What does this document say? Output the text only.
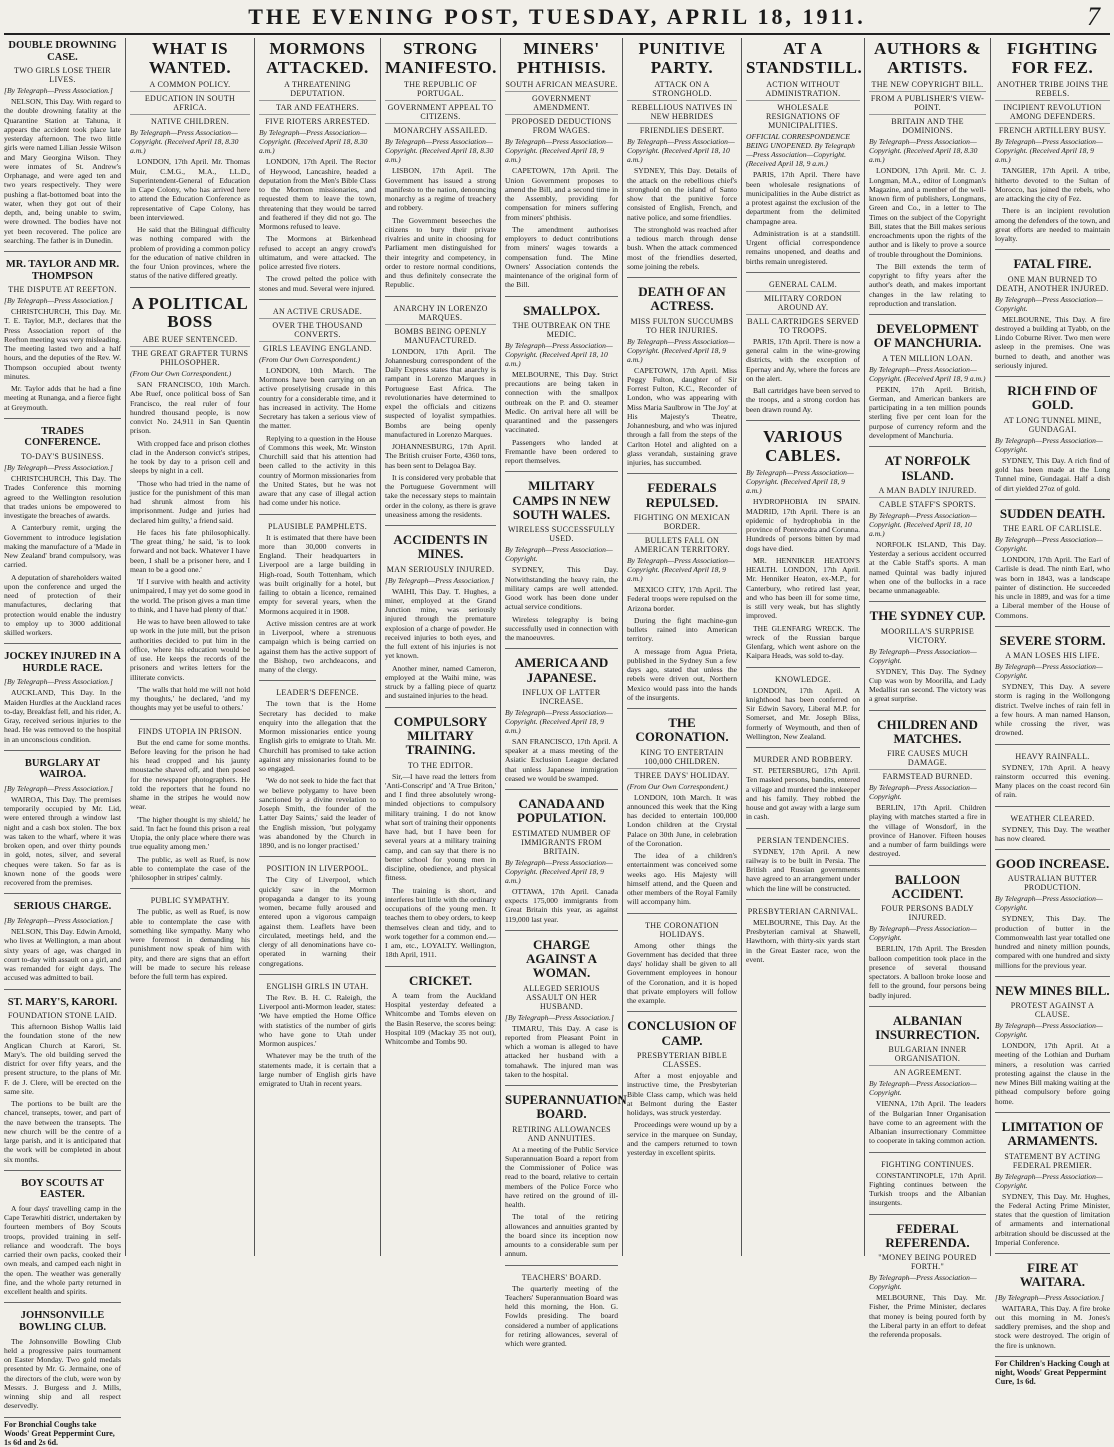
THE EVENING POST, TUESDAY, APRIL 18, 1911.	7
DOUBLE DROWNING CASE.
TWO GIRLS LOSE THEIR LIVES.
[By Telegraph—Press Association.]

NELSON, This Day. With regard to the double drowning fatality at the Quarantine Station at Tahuna, it appears the accident took place late yesterday afternoon. The two little girls were named Lilian Jessie Wilson and Mary Georgina Wilson. They were inmates of St. Andrew's Orphanage, and were aged ten and two years respectively. They were pushing a flat-bottomed boat into the water, when they got out of their depth, and, being unable to swim, were drowned. The bodies have not yet been recovered. The police are searching. The father is in Dunedin.

MR. TAYLOR AND MR. THOMPSON
THE DISPUTE AT REEFTON.
[By Telegraph—Press Association.]

CHRISTCHURCH, This Day. Mr. T. E. Taylor, M.P., declares that the Press Association report of the Reefton meeting was very misleading. The meeting lasted two and a half hours, and the deputies of the Rev. W. Thompson occupied about twenty minutes.

Mr. Taylor adds that he had a fine meeting at Runanga, and a fierce fight at Greymouth.

TRADES CONFERENCE.
TO-DAY'S BUSINESS.
[By Telegraph—Press Association.]

CHRISTCHURCH, This Day. The Trades Conference this morning agreed to the Wellington resolution that trades unions be empowered to investigate the breaches of awards.

A Canterbury remit, urging the Government to introduce legislation making the manufacture of a 'Made in New Zealand' brand compulsory, was carried.

A deputation of shareholders waited upon the conference and urged the need of protection of their manufactures, declaring that protection would enable the industry to employ up to 3000 additional skilled workers.

JOCKEY INJURED IN A HURDLE RACE.
[By Telegraph—Press Association.]

AUCKLAND, This Day. In the Maiden Hurdles at the Auckland races to-day, Breakfast fell, and his rider, A. Gray, received serious injuries to the head. He was removed to the hospital in an unconscious condition.

BURGLARY AT WAIROA.
[By Telegraph—Press Association.]

WAIROA, This Day. The premises temporarily occupied by Mr. Lid, were entered through a window last night and a cash box stolen. The box was taken to the wharf, where it was broken open, and over thirty pounds in gold, notes, silver, and several cheques were taken. So far as is known none of the goods were recovered from the premises.

SERIOUS CHARGE.
[By Telegraph—Press Association.]

NELSON, This Day. Edwin Arnold, who lives at Wellington, a man about sixty years of age, was charged in court to-day with assault on a girl, and was remanded for eight days. The accused was admitted to bail.

ST. MARY'S, KARORI.
FOUNDATION STONE LAID.

This afternoon Bishop Wallis laid the foundation stone of the new Anglican Church at Karori, St. Mary's. The old building served the district for over fifty years, and the present structure, to the plans of Mr. F. de J. Clere, will be erected on the same site.

The portions to be built are the chancel, transepts, tower, and part of the nave between the transepts. The new church will be the centre of a large parish, and it is anticipated that the work will be completed in about six months.

BOY SCOUTS AT EASTER.

A four days' travelling camp in the Cape Terawhiti district, undertaken by fourteen members of Boy Scouts troops, provided training in self-reliance and woodcraft. The boys carried their own packs, cooked their own meals, and camped each night in the open. The weather was generally fine, and the whole party returned in excellent health and spirits.

JOHNSONVILLE BOWLING CLUB.

The Johnsonville Bowling Club held a progressive pairs tournament on Easter Monday. Two gold medals presented by Mr. G. Jermaine, one of the directors of the club, were won by Messrs. J. Burgess and J. Mills, winning ship and all respect deservedly.

For Bronchial Coughs take Woods' Great Peppermint Cure, 1s 6d and 2s 6d.
WHAT IS WANTED.
A COMMON POLICY.
EDUCATION IN SOUTH AFRICA.
NATIVE CHILDREN.
By Telegraph—Press Association—Copyright. (Received April 18, 8.30 a.m.)

LONDON, 17th April. Mr. Thomas Muir, C.M.G., M.A., LL.D., Superintendent-General of Education in Cape Colony, who has arrived here to attend the Education Conference as representative of Cape Colony, has been interviewed.

He said that the Bilingual difficulty was nothing compared with the problem of providing a common policy for the education of native children in the four Union provinces, where the status of the native differed greatly.

A POLITICAL BOSS
ABE RUEF SENTENCED.
THE GREAT GRAFTER TURNS PHILOSOPHER.
(From Our Own Correspondent.)

SAN FRANCISCO, 10th March. Abe Ruef, once political boss of San Francisco, the real ruler of four hundred thousand people, is now convict No. 24,911 in San Quentin prison.

With cropped face and prison clothes clad in the Anderson convict's stripes, he took by day to a prison cell and sleeps by night in a cell.

'Those who had tried in the name of justice for the punishment of this man had shrunk almost from his imprisonment. Judge and juries had declared him guilty,' a friend said.

He faces his fate philosophically. 'The great thing,' he said, 'is to look forward and not back. Whatever I have been, I shall be a prisoner here, and I mean to be a good one.'

'If I survive with health and activity unimpaired, I may yet do some good in the world. The prison gives a man time to think, and I have had plenty of that.'

He was to have been allowed to take up work in the jute mill, but the prison authorities decided to put him in the office, where his education would be of use. He keeps the records of the prisoners and writes letters for the illiterate convicts.

'The walls that hold me will not hold my thoughts,' he declared, 'and my thoughts may yet be useful to others.'

FINDS UTOPIA IN PRISON.

But the end came for some months. Before leaving for the prison he had his head cropped and his jaunty moustache shaved off, and then posed for the newspaper photographers. He told the reporters that he found no shame in the stripes he would now wear.

'The higher thought is my shield,' he said. 'In fact he found this prison a real Utopia, the only place where there was true equality among men.'

The public, as well as Ruef, is now able to contemplate the case of the 'philosopher in stripes' calmly.

PUBLIC SYMPATHY.

The public, as well as Ruef, is now able to contemplate the case with something like sympathy. Many who were foremost in demanding his punishment now speak of him with pity, and there are signs that an effort will be made to secure his release before the full term has expired.

MORMONS ATTACKED.
A THREATENING DEPUTATION.
TAR AND FEATHERS.
FIVE RIOTERS ARRESTED.
By Telegraph—Press Association—Copyright. (Received April 18, 8.30 a.m.)

LONDON, 17th April. The Rector of Heywood, Lancashire, headed a deputation from the Men's Bible Class to the Mormon missionaries, and requested them to leave the town, threatening that they would be tarred and feathered if they did not go. The Mormons refused to leave.

The Mormons at Birkenhead refused to accept an angry crowd's ultimatum, and were attacked. The police arrested five rioters.

The crowd pelted the police with stones and mud. Several were injured.

AN ACTIVE CRUSADE.
OVER THE THOUSAND CONVERTS.
GIRLS LEAVING ENGLAND.
(From Our Own Correspondent.)

LONDON, 10th March. The Mormons have been carrying on an active proselytising crusade in this country for a considerable time, and it has increased in activity. The Home Secretary has taken a serious view of the matter.

Replying to a question in the House of Commons this week, Mr. Winston Churchill said that his attention had been called to the activity in this country of Mormon missionaries from the United States, but he was not aware that any case of illegal action had come under his notice.

PLAUSIBLE PAMPHLETS.

It is estimated that there have been more than 30,000 converts in England. Their headquarters in Liverpool are a large building in High-road, South Tottenham, which was built originally for a hotel, but failing to obtain a licence, remained empty for several years, when the Mormons acquired it in 1908.

Active mission centres are at work in Liverpool, where a strenuous campaign which is being carried on against them has the active support of the Bishop, two archdeacons, and many of the clergy.

LEADER'S DEFENCE.

The town that is the Home Secretary has decided to make enquiry into the allegation that the Mormon missionaries entice young English girls to emigrate to Utah. Mr. Churchill has promised to take action against any missionaries found to be so engaged.

'We do not seek to hide the fact that we believe polygamy to have been sanctioned by a divine revelation to Joseph Smith, the founder of the Latter Day Saints,' said the leader of the English mission, 'but polygamy was abandoned by the Church in 1890, and is no longer practised.'

POSITION IN LIVERPOOL.

The City of Liverpool, which quickly saw in the Mormon propaganda a danger to its young women, became fully aroused and entered upon a vigorous campaign against them. Leaflets have been circulated, meetings held, and the clergy of all denominations have co-operated in warning their congregations.

ENGLISH GIRLS IN UTAH.

The Rev. B. H. C. Raleigh, the Liverpool anti-Mormon leader, states: 'We have emptied the Home Office with statistics of the number of girls who have gone to Utah under Mormon auspices.'

Whatever may be the truth of the statements made, it is certain that a large number of English girls have emigrated to Utah in recent years.

STRONG MANIFESTO.
THE REPUBLIC OF PORTUGAL.
GOVERNMENT APPEAL TO CITIZENS.
MONARCHY ASSAILED.
By Telegraph—Press Association—Copyright. (Received April 18, 8.30 a.m.)

LISBON, 17th April. The Government has issued a strong manifesto to the nation, denouncing monarchy as a regime of treachery and robbery.

The Government beseeches the citizens to bury their private rivalries and unite in choosing for Parliament men distinguished for their integrity and competency, in order to restore normal conditions, and thus definitely consecrate the Republic.

ANARCHY IN LORENZO MARQUES.
BOMBS BEING OPENLY MANUFACTURED.

LONDON, 17th April. The Johannesburg correspondent of the Daily Express states that anarchy is rampant in Lorenzo Marques in Portuguese East Africa. The revolutionaries have determined to expel the officials and citizens suspected of loyalist sympathies. Bombs are being openly manufactured in Lorenzo Marques.

JOHANNESBURG, 17th April. The British cruiser Forte, 4360 tons, has been sent to Delagoa Bay.

It is considered very probable that the Portuguese Government will take the necessary steps to maintain order in the colony, as there is grave uneasiness among the residents.

ACCIDENTS IN MINES.
MAN SERIOUSLY INJURED.
[By Telegraph—Press Association.]

WAIHI, This Day. T. Hughes, a miner, employed at the Grand Junction mine, was seriously injured through the premature explosion of a charge of powder. He received injuries to both eyes, and the full extent of his injuries is not yet known.

Another miner, named Cameron, employed at the Waihi mine, was struck by a falling piece of quartz and sustained injuries to the head.

COMPULSORY MILITARY TRAINING.
TO THE EDITOR.

Sir,—I have read the letters from 'Anti-Conscript' and 'A True Briton,' and I find three absolutely wrong-minded objections to compulsory military training. I do not know what sort of training their opponents have had, but I have been for several years at a military training camp, and can say that there is no better school for young men in discipline, obedience, and physical fitness.

The training is short, and interferes but little with the ordinary occupations of the young men. It teaches them to obey orders, to keep themselves clean and tidy, and to work together for a common end.—I am, etc., LOYALTY. Wellington, 18th April, 1911.

CRICKET.

A team from the Auckland Hospital yesterday defeated a Whitcombe and Tombs eleven on the Basin Reserve, the scores being: Hospital 109 (Mackay 35 not out), Whitcombe and Tombs 90.

MINERS' PHTHISIS.
SOUTH AFRICAN MEASURE.
GOVERNMENT AMENDMENT.
PROPOSED DEDUCTIONS FROM WAGES.
By Telegraph—Press Association—Copyright. (Received April 18, 9 a.m.)

CAPETOWN, 17th April. The Union Government proposes to amend the Bill, and a second time in the Assembly, providing for compensation for miners suffering from miners' phthisis.

The amendment authorises employers to deduct contributions from miners' wages towards a compensation fund. The Mine Owners' Association contends the maintenance of the original form of the Bill.

SMALLPOX.
THE OUTBREAK ON THE MEDIC.
By Telegraph—Press Association—Copyright. (Received April 18, 10 a.m.)

MELBOURNE, This Day. Strict precautions are being taken in connection with the smallpox outbreak on the P. and O. steamer Medic. On arrival here all will be quarantined and the passengers vaccinated.

Passengers who landed at Fremantle have been ordered to report themselves.

MILITARY CAMPS IN NEW SOUTH WALES.
WIRELESS SUCCESSFULLY USED.
By Telegraph—Press Association—Copyright.

SYDNEY, This Day. Notwithstanding the heavy rain, the military camps are well attended. Good work has been done under actual service conditions.

Wireless telegraphy is being successfully used in connection with the manoeuvres.

AMERICA AND JAPANESE.
INFLUX OF LATTER INCREASE.
By Telegraph—Press Association—Copyright. (Received April 18, 9 a.m.)

SAN FRANCISCO, 17th April. A speaker at a mass meeting of the Asiatic Exclusion League declared that unless Japanese immigration ceased we would be swamped.

CANADA AND POPULATION.
ESTIMATED NUMBER OF IMMIGRANTS FROM BRITAIN.
By Telegraph—Press Association—Copyright. (Received April 18, 9 a.m.)

OTTAWA, 17th April. Canada expects 175,000 immigrants from Great Britain this year, as against 119,000 last year.

CHARGE AGAINST A WOMAN.
ALLEGED SERIOUS ASSAULT ON HER HUSBAND.
[By Telegraph—Press Association.]

TIMARU, This Day. A case is reported from Pleasant Point in which a woman is alleged to have attacked her husband with a tomahawk. The injured man was taken to the hospital.

SUPERANNUATION BOARD.
RETIRING ALLOWANCES AND ANNUITIES.

At a meeting of the Public Service Superannuation Board a report from the Commissioner of Police was read to the board, relative to certain members of the Police Force who have retired on the ground of ill-health.

The total of the retiring allowances and annuities granted by the board since its inception now amounts to a considerable sum per annum.

TEACHERS' BOARD.

The quarterly meeting of the Teachers' Superannuation Board was held this morning, the Hon. G. Fowlds presiding. The board considered a number of applications for retiring allowances, several of which were granted.

PUNITIVE PARTY.
ATTACK ON A STRONGHOLD.
REBELLIOUS NATIVES IN NEW HEBRIDES
FRIENDLIES DESERT.
By Telegraph—Press Association—Copyright. (Received April 18, 10 a.m.)

SYDNEY, This Day. Details of the attack on the rebellious chief's stronghold on the island of Santo show that the punitive force consisted of English, French, and native police, and some friendlies.

The stronghold was reached after a tedious march through dense bush. When the attack commenced most of the friendlies deserted, some joining the rebels.

DEATH OF AN ACTRESS.
MISS FULTON SUCCUMBS TO HER INJURIES.
By Telegraph—Press Association—Copyright. (Received April 18, 9 a.m.)

CAPETOWN, 17th April. Miss Peggy Fulton, daughter of Sir Forrest Fulton, K.C., Recorder of London, who was appearing with Miss Maria Saulbrow in 'The Joy' at His Majesty's Theatre, Johannesburg, and who was injured through a fall from the steps of the Carlton Hotel and alighted on a glass verandah, sustaining grave injuries, has succumbed.

FEDERALS REPULSED.
FIGHTING ON MEXICAN BORDER.
BULLETS FALL ON AMERICAN TERRITORY.
By Telegraph—Press Association—Copyright. (Received April 18, 9 a.m.)

MEXICO CITY, 17th April. The Federal troops were repulsed on the Arizona border.

During the fight machine-gun bullets rained into American territory.

A message from Agua Prieta, published in the Sydney Sun a few days ago, stated that unless the rebels were driven out, Northern Mexico would pass into the hands of the insurgents.

THE CORONATION.
KING TO ENTERTAIN 100,000 CHILDREN.
THREE DAYS' HOLIDAY.
(From Our Own Correspondent.)

LONDON, 10th March. It was announced this week that the King has decided to entertain 100,000 London children at the Crystal Palace on 30th June, in celebration of the Coronation.

The idea of a children's entertainment was conceived some weeks ago. His Majesty will himself attend, and the Queen and other members of the Royal Family will accompany him.

THE CORONATION HOLIDAYS.

Among other things the Government has decided that three days' holiday shall be given to all Government employees in honour of the Coronation, and it is hoped that private employers will follow the example.

CONCLUSION OF CAMP.
PRESBYTERIAN BIBLE CLASSES.

After a most enjoyable and instructive time, the Presbyterian Bible Class camp, which was held at Belmont during the Easter holidays, was struck yesterday.

Proceedings were wound up by a service in the marquee on Sunday, and the campers returned to town yesterday in excellent spirits.

AT A STANDSTILL.
ACTION WITHOUT ADMINISTRATION.
WHOLESALE RESIGNATIONS OF MUNICIPALITIES.
OFFICIAL CORRESPONDENCE BEING UNOPENED. By Telegraph—Press Association—Copyright. (Received April 18, 9 a.m.)

PARIS, 17th April. There have been wholesale resignations of municipalities in the Aube district as a protest against the exclusion of the department from the delimited champagne area.

Administration is at a standstill. Urgent official correspondence remains unopened, and deaths and births remain unregistered.

GENERAL CALM.
MILITARY CORDON AROUND AY.
BALL CARTRIDGES SERVED TO TROOPS.

PARIS, 17th April. There is now a general calm in the wine-growing districts, with the exception of Epernay and Ay, where the forces are on the alert.

Ball cartridges have been served to the troops, and a strong cordon has been drawn round Ay.

VARIOUS CABLES.
By Telegraph—Press Association—Copyright. (Received April 18, 9 a.m.)

HYDROPHOBIA IN SPAIN. MADRID, 17th April. There is an epidemic of hydrophobia in the province of Pontevedra and Corunna. Hundreds of persons bitten by mad dogs have died.

MR. HENNIKER HEATON'S HEALTH. LONDON, 17th April. Mr. Henniker Heaton, ex-M.P., for Canterbury, who retired last year, and who has been ill for some time, is still very weak, but has slightly improved.

THE GLENFARG WRECK. The wreck of the Russian barque Glenfarg, which went ashore on the Kaipara Heads, was sold to-day.

KNOWLEDGE.

LONDON, 17th April. A knighthood has been conferred on Sir Edwin Savory, Liberal M.P. for Somerset, and Mr. Joseph Bliss, formerly of Weymouth, and then of Wellington, New Zealand.

MURDER AND ROBBERY.

ST. PETERSBURG, 17th April. Ten masked persons, bandits, entered a village and murdered the innkeeper and his family. They robbed the house and got away with a large sum in cash.

PERSIAN TENDENCIES.

SYDNEY, 17th April. A new railway is to be built in Persia. The British and Russian governments have agreed to an arrangement under which the line will be constructed.

PRESBYTERIAN CARNIVAL.

MELBOURNE, This Day. At the Presbyterian carnival at Shawell, Hawthorn, with thirty-six yards start in the Great Easter race, won the event.

AUTHORS & ARTISTS.
THE NEW COPYRIGHT BILL.
FROM A PUBLISHER'S VIEW-POINT.
BRITAIN AND THE DOMINIONS.
By Telegraph—Press Association—Copyright. (Received April 18, 8.30 a.m.)

LONDON, 17th April. Mr. C. J. Longman, M.A., editor of Longman's Magazine, and a member of the well-known firm of publishers, Longmans, Green and Co., in a letter to The Times on the subject of the Copyright Bill, states that the Bill makes serious encroachments upon the rights of the author and is likely to prove a source of trouble throughout the Dominions.

The Bill extends the term of copyright to fifty years after the author's death, and makes important changes in the law relating to reproduction and translation.

DEVELOPMENT OF MANCHURIA.
A TEN MILLION LOAN.
By Telegraph—Press Association—Copyright. (Received April 18, 9 a.m.)

PEKIN, 17th April. British, German, and American bankers are participating in a ten million pounds sterling five per cent loan for the purpose of currency reform and the development of Manchuria.

AT NORFOLK ISLAND.
A MAN BADLY INJURED.
CABLE STAFF'S SPORTS.
By Telegraph—Press Association—Copyright. (Received April 18, 10 a.m.)

NORFOLK ISLAND, This Day. Yesterday a serious accident occurred at the Cable Staff's sports. A man named Quintal was badly injured when one of the bullocks in a race became unmanageable.

THE SYDNEY CUP.
MOORILLA'S SURPRISE VICTORY.
By Telegraph—Press Association—Copyright.

SYDNEY, This Day. The Sydney Cup was won by Moorilla, and Lady Medallist ran second. The victory was a great surprise.

CHILDREN AND MATCHES.
FIRE CAUSES MUCH DAMAGE.
FARMSTEAD BURNED.
By Telegraph—Press Association—Copyright.

BERLIN, 17th April. Children playing with matches started a fire in the village of Wonsdorf, in the province of Hanover. Fifteen houses and a number of farm buildings were destroyed.

BALLOON ACCIDENT.
FOUR PERSONS BADLY INJURED.
By Telegraph—Press Association—Copyright.

BERLIN, 17th April. The Bresden balloon competition took place in the presence of several thousand spectators. A balloon broke loose and fell to the ground, four persons being badly injured.

ALBANIAN INSURRECTION.
BULGARIAN INNER ORGANISATION.
AN AGREEMENT.
By Telegraph—Press Association—Copyright.

VIENNA, 17th April. The leaders of the Bulgarian Inner Organisation have come to an agreement with the Albanian insurrectionary Committee to cooperate in taking common action.

FIGHTING CONTINUES.

CONSTANTINOPLE, 17th April. Fighting continues between the Turkish troops and the Albanian insurgents.

FEDERAL REFERENDA.
"MONEY BEING POURED FORTH."
By Telegraph—Press Association—Copyright.

MELBOURNE, This Day. Mr. Fisher, the Prime Minister, declares that money is being poured forth by the Liberal party in an effort to defeat the referenda proposals.

FIGHTING FOR FEZ.
ANOTHER TRIBE JOINS THE REBELS.
INCIPIENT REVOLUTION AMONG DEFENDERS.
FRENCH ARTILLERY BUSY.
By Telegraph—Press Association—Copyright. (Received April 18, 9 a.m.)

TANGIER, 17th April. A tribe, hitherto devoted to the Sultan of Morocco, has joined the rebels, who are attacking the city of Fez.

There is an incipient revolution among the defenders of the town, and great efforts are needed to maintain loyalty.

FATAL FIRE.
ONE MAN BURNED TO DEATH, ANOTHER INJURED.
By Telegraph—Press Association—Copyright.

MELBOURNE, This Day. A fire destroyed a building at Tyabb, on the Lindo Coburne River. Two men were asleep in the premises. One was burned to death, and another was seriously injured.

RICH FIND OF GOLD.
AT LONG TUNNEL MINE, GUNDAGAI.
By Telegraph—Press Association—Copyright.

SYDNEY, This Day. A rich find of gold has been made at the Long Tunnel mine, Gundagai. Half a dish of dirt yielded 27oz of gold.

SUDDEN DEATH.
THE EARL OF CARLISLE.
By Telegraph—Press Association—Copyright.

LONDON, 17th April. The Earl of Carlisle is dead. The ninth Earl, who was born in 1843, was a landscape painter of distinction. He succeeded his uncle in 1889, and was for a time a Liberal member of the House of Commons.

SEVERE STORM.
A MAN LOSES HIS LIFE.
By Telegraph—Press Association—Copyright.

SYDNEY, This Day. A severe storm is raging in the Wollongong district. Twelve inches of rain fell in a few hours. A man named Hanson, while crossing the river, was drowned.

HEAVY RAINFALL.

SYDNEY, 17th April. A heavy rainstorm occurred this evening. Many places on the coast record 6in of rain.

WEATHER CLEARED.

SYDNEY, This Day. The weather has now cleared.

GOOD INCREASE.
AUSTRALIAN BUTTER PRODUCTION.
By Telegraph—Press Association—Copyright.

SYDNEY, This Day. The production of butter in the Commonwealth last year totalled one hundred and ninety million pounds, compared with one hundred and sixty millions for the previous year.

NEW MINES BILL.
PROTEST AGAINST A CLAUSE.
By Telegraph—Press Association—Copyright.

LONDON, 17th April. At a meeting of the Lothian and Durham miners, a resolution was carried protesting against the clause in the new Mines Bill making waiting at the pithead compulsory before going home.

LIMITATION OF ARMAMENTS.
STATEMENT BY ACTING FEDERAL PREMIER.
By Telegraph—Press Association—Copyright.

SYDNEY, This Day. Mr. Hughes, the Federal Acting Prime Minister, states that the question of limitation of armaments and international arbitration should be discussed at the Imperial Conference.

FIRE AT WAITARA.
[By Telegraph—Press Association.]

WAITARA, This Day. A fire broke out this morning in M. Jones's saddlery premises, and the shop and stock were destroyed. The origin of the fire is unknown.

For Children's Hacking Cough at night, Woods' Great Peppermint Cure, 1s 6d.
